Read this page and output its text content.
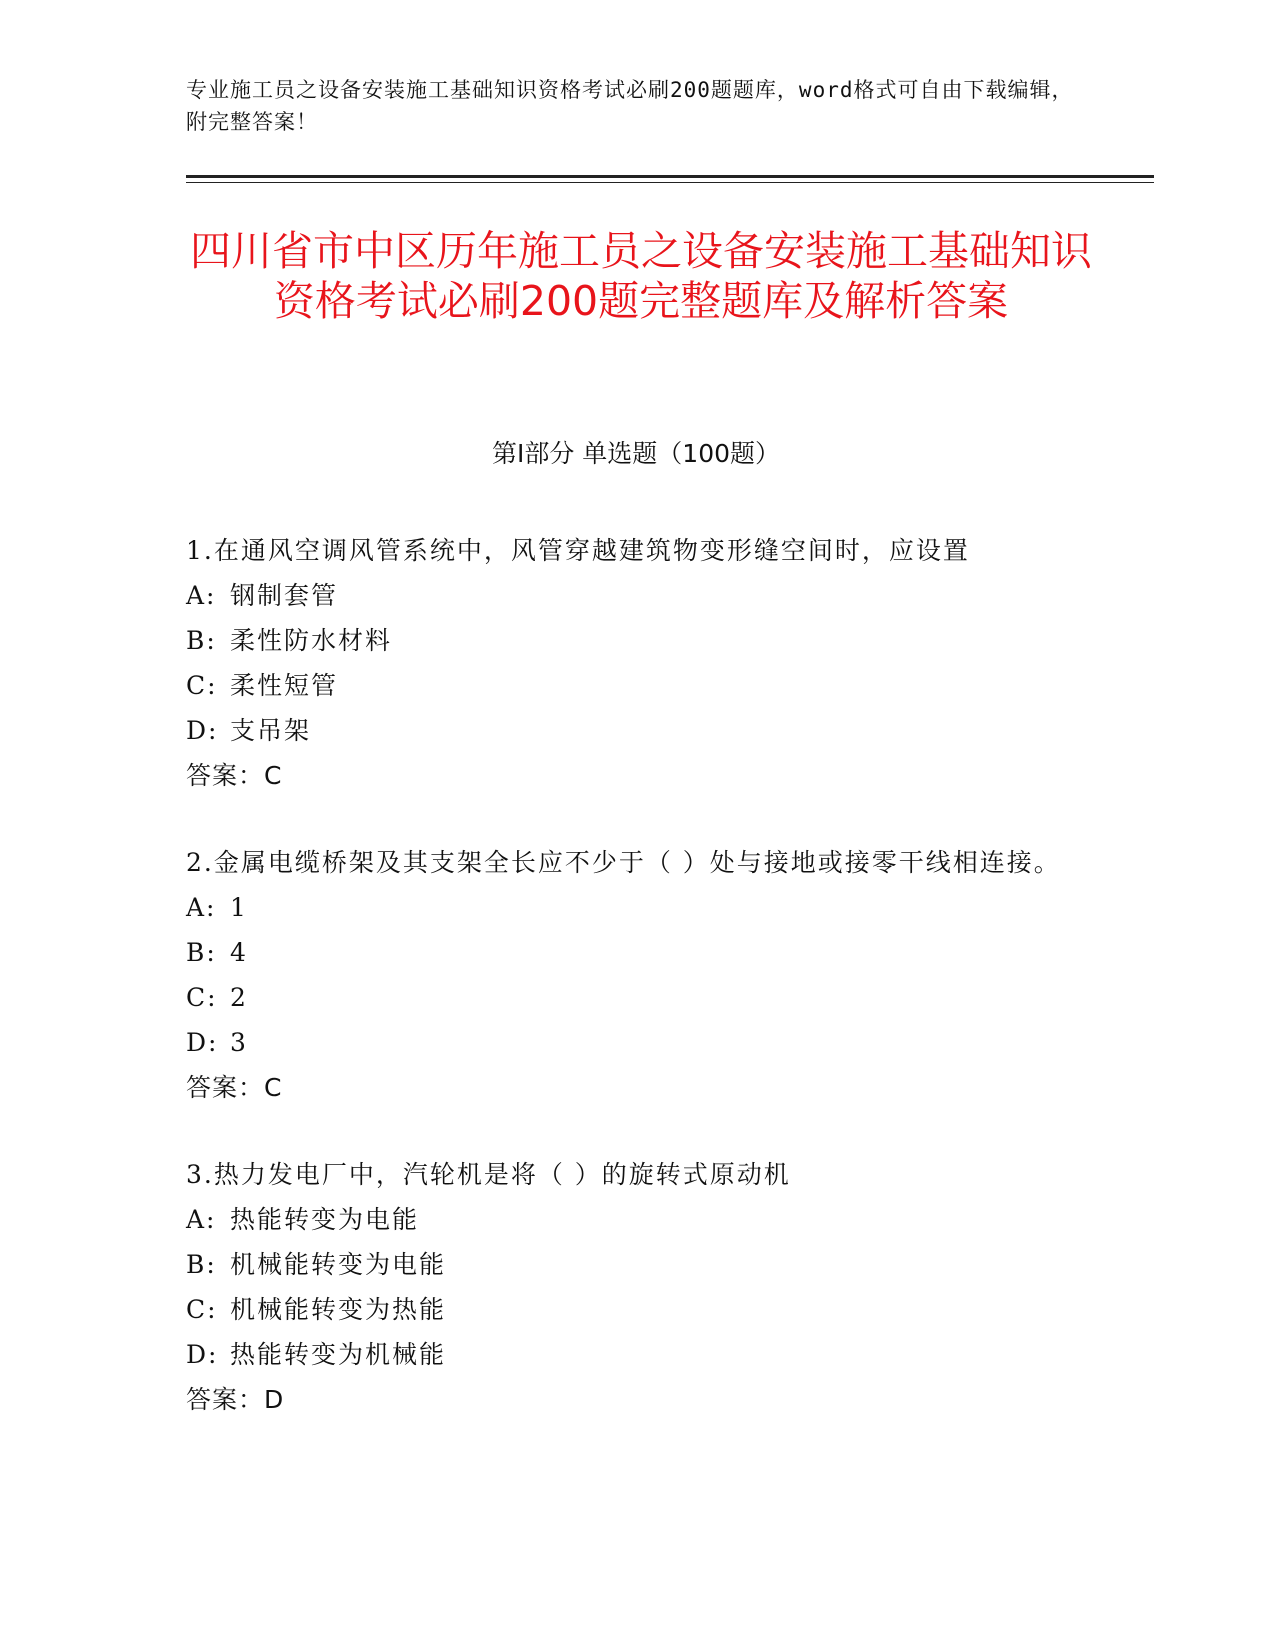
专业施工员之设备安装施工基础知识资格考试必刷200题题库，word格式可自由下载编辑，附完整答案！
四川省市中区历年施工员之设备安装施工基础知识资格考试必刷200题完整题库及解析答案
第Ⅰ部分 单选题（100题）

1.在通风空调风管系统中，风管穿越建筑物变形缝空间时，应设置

A: 钢制套管
B: 柔性防水材料
C: 柔性短管
D: 支吊架
答案：C

2.金属电缆桥架及其支架全长应不少于（ ）处与接地或接零干线相连接。

A: 1
B: 4
C: 2
D: 3
答案：C

3.热力发电厂中，汽轮机是将（ ）的旋转式原动机

A: 热能转变为电能
B: 机械能转变为电能
C: 机械能转变为热能
D: 热能转变为机械能
答案：D
